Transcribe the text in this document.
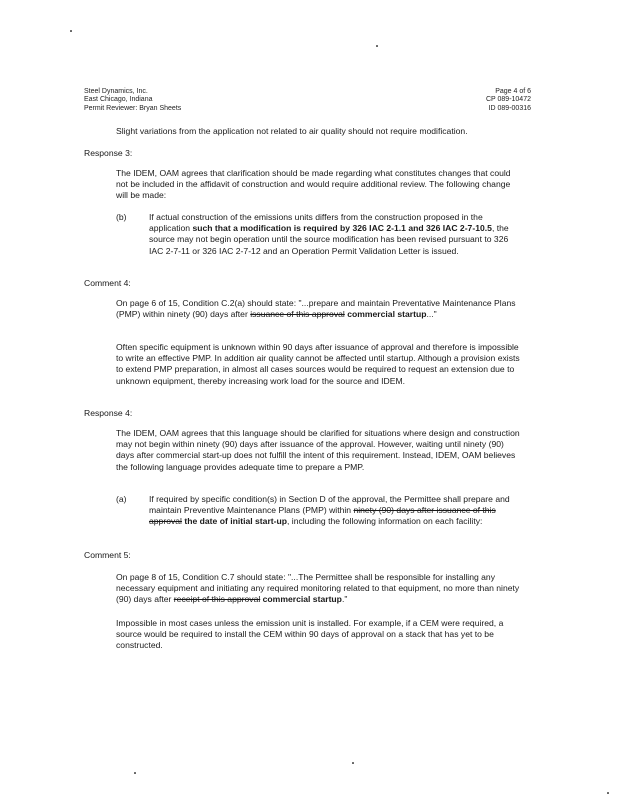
Steel Dynamics, Inc.
East Chicago, Indiana
Permit Reviewer: Bryan Sheets
Page 4 of 6
CP 089-10472
ID 089-00316

Slight variations from the application not related to air quality should not require modification.

Response 3:

The IDEM, OAM agrees that clarification should be made regarding what constitutes changes that could not be included in the affidavit of construction and would require additional review. The following change will be made:

(b)	If actual construction of the emissions units differs from the construction proposed in the application such that a modification is required by 326 IAC 2-1.1 and 326 IAC 2-7-10.5, the source may not begin operation until the source modification has been revised pursuant to 326 IAC 2-7-11 or 326 IAC 2-7-12 and an Operation Permit Validation Letter is issued.

Comment 4:

On page 6 of 15, Condition C.2(a) should state: "...prepare and maintain Preventative Maintenance Plans (PMP) within ninety (90) days after issuance of this approval commercial startup..."

Often specific equipment is unknown within 90 days after issuance of approval and therefore is impossible to write an effective PMP. In addition air quality cannot be affected until startup. Although a provision exists to extend PMP preparation, in almost all cases sources would be required to request an extension due to unknown equipment, thereby increasing work load for the source and IDEM.

Response 4:

The IDEM, OAM agrees that this language should be clarified for situations where design and construction may not begin within ninety (90) days after issuance of the approval. However, waiting until ninety (90) days after commercial start-up does not fulfill the intent of this requirement. Instead, IDEM, OAM believes the following language provides adequate time to prepare a PMP.

(a)	If required by specific condition(s) in Section D of the approval, the Permittee shall prepare and maintain Preventive Maintenance Plans (PMP) within ninety (90) days after issuance of this approval the date of initial start-up, including the following information on each facility:

Comment 5:

On page 8 of 15, Condition C.7 should state: "...The Permittee shall be responsible for installing any necessary equipment and initiating any required monitoring related to that equipment, no more than ninety (90) days after receipt of this approval commercial startup."

Impossible in most cases unless the emission unit is installed. For example, if a CEM were required, a source would be required to install the CEM within 90 days of approval on a stack that has yet to be constructed.
